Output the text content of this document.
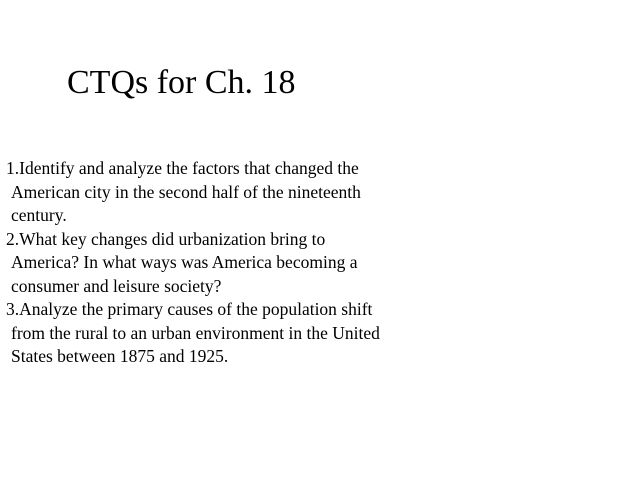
CTQs for Ch. 18
1.Identify and analyze the factors that changed the
American city in the second half of the nineteenth
century.
2.What key changes did urbanization bring to
America? In what ways was America becoming a
consumer and leisure society?
3.Analyze the primary causes of the population shift
from the rural to an urban environment in the United
States between 1875 and 1925.
